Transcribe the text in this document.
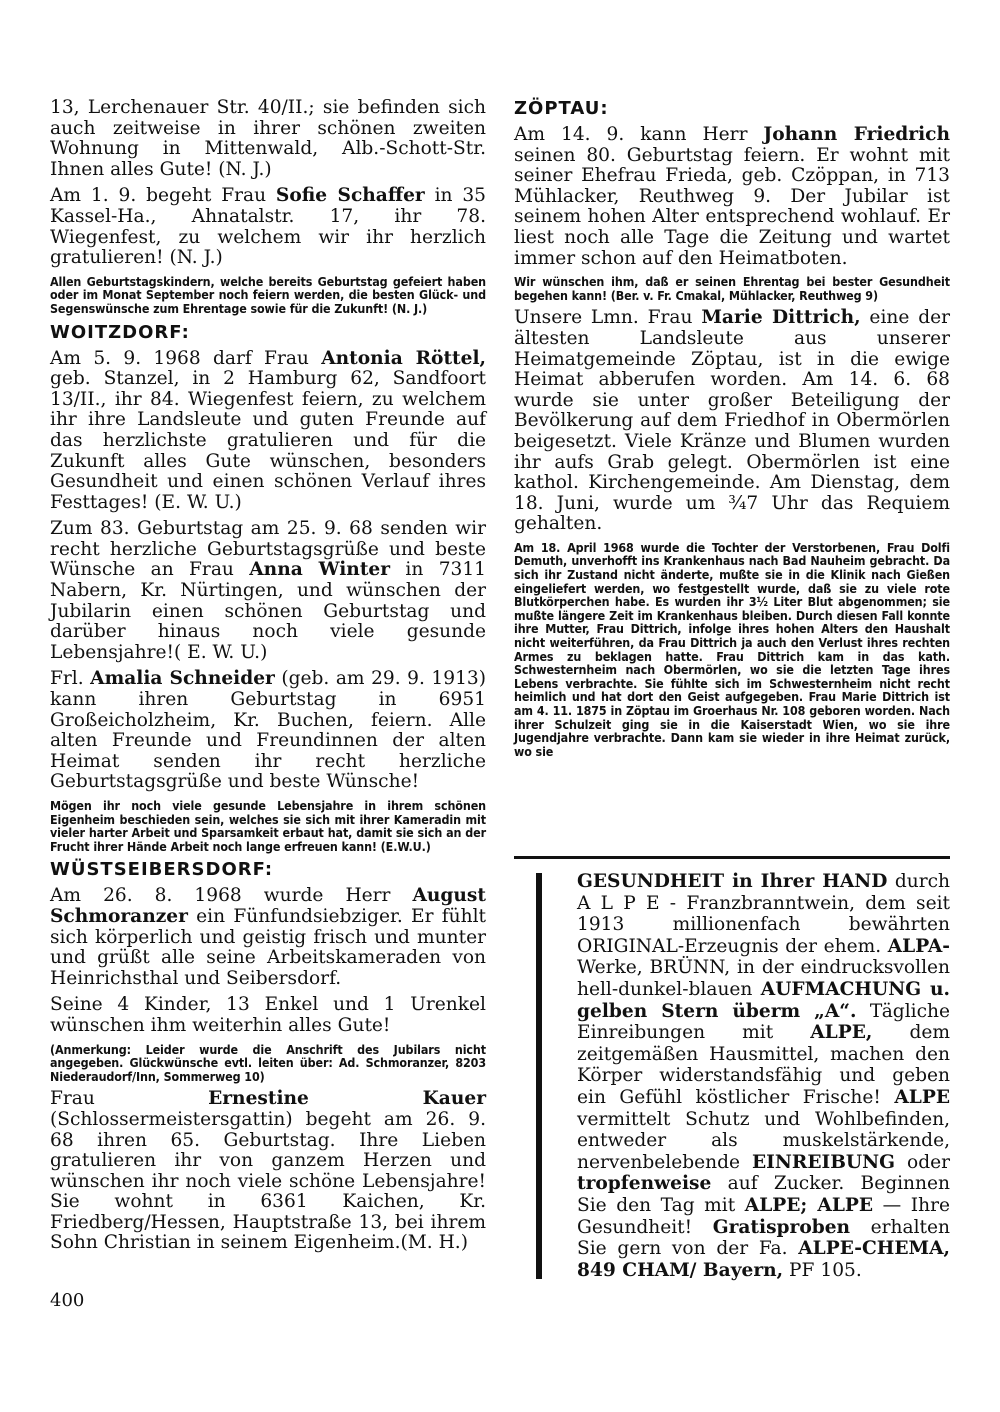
13, Lerchenauer Str. 40/II.; sie befinden sich auch zeitweise in ihrer schönen zweiten Wohnung in Mittenwald, Alb.-Schott-Str. Ihnen alles Gute! (N. J.)

Am 1. 9. begeht Frau Sofie Schaffer in 35 Kassel-Ha., Ahnatalstr. 17, ihr 78. Wiegenfest, zu welchem wir ihr herzlich gratulieren! (N. J.)

Allen Geburtstagskindern, welche bereits Geburtstag gefeiert haben oder im Monat September noch feiern werden, die besten Glück- und Segenswünsche zum Ehrentage sowie für die Zukunft! (N. J.)

WOITZDORF:

Am 5. 9. 1968 darf Frau Antonia Röttel, geb. Stanzel, in 2 Hamburg 62, Sandfoort 13/II., ihr 84. Wiegenfest feiern, zu welchem ihr ihre Landsleute und guten Freunde auf das herzlichste gratulieren und für die Zukunft alles Gute wünschen, besonders Gesundheit und einen schönen Verlauf ihres Festtages! (E. W. U.)

Zum 83. Geburtstag am 25. 9. 68 senden wir recht herzliche Geburtstagsgrüße und beste Wünsche an Frau Anna Winter in 7311 Nabern, Kr. Nürtingen, und wünschen der Jubilarin einen schönen Geburtstag und darüber hinaus noch viele gesunde Lebensjahre!( E. W. U.)

Frl. Amalia Schneider (geb. am 29. 9. 1913) kann ihren Geburtstag in 6951 Großeicholzheim, Kr. Buchen, feiern. Alle alten Freunde und Freundinnen der alten Heimat senden ihr recht herzliche Geburtstagsgrüße und beste Wünsche!

Mögen ihr noch viele gesunde Lebensjahre in ihrem schönen Eigenheim beschieden sein, welches sie sich mit ihrer Kameradin mit vieler harter Arbeit und Sparsamkeit erbaut hat, damit sie sich an der Frucht ihrer Hände Arbeit noch lange erfreuen kann! (E.W.U.)

WÜSTSEIBERSDORF:

Am 26. 8. 1968 wurde Herr August Schmoranzer ein Fünfundsiebziger. Er fühlt sich körperlich und geistig frisch und munter und grüßt alle seine Arbeitskameraden von Heinrichsthal und Seibersdorf.

Seine 4 Kinder, 13 Enkel und 1 Urenkel wünschen ihm weiterhin alles Gute!

(Anmerkung: Leider wurde die Anschrift des Jubilars nicht angegeben. Glückwünsche evtl. leiten über: Ad. Schmoranzer, 8203 Niederaudorf/Inn, Sommerweg 10)

Frau Ernestine Kauer (Schlossermeistersgattin) begeht am 26. 9. 68 ihren 65. Geburtstag. Ihre Lieben gratulieren ihr von ganzem Herzen und wünschen ihr noch viele schöne Lebensjahre! Sie wohnt in 6361 Kaichen, Kr. Friedberg/Hessen, Hauptstraße 13, bei ihrem Sohn Christian in seinem Eigenheim.(M. H.)

ZÖPTAU:

Am 14. 9. kann Herr Johann Friedrich seinen 80. Geburtstag feiern. Er wohnt mit seiner Ehefrau Frieda, geb. Czöppan, in 713 Mühlacker, Reuthweg 9. Der Jubilar ist seinem hohen Alter entsprechend wohlauf. Er liest noch alle Tage die Zeitung und wartet immer schon auf den Heimatboten.

Wir wünschen ihm, daß er seinen Ehrentag bei bester Gesundheit begehen kann! (Ber. v. Fr. Cmakal, Mühlacker, Reuthweg 9)

Unsere Lmn. Frau Marie Dittrich, eine der ältesten Landsleute aus unserer Heimatgemeinde Zöptau, ist in die ewige Heimat abberufen worden. Am 14. 6. 68 wurde sie unter großer Beteiligung der Bevölkerung auf dem Friedhof in Obermörlen beigesetzt. Viele Kränze und Blumen wurden ihr aufs Grab gelegt. Obermörlen ist eine kathol. Kirchengemeinde. Am Dienstag, dem 18. Juni, wurde um ¾7 Uhr das Requiem gehalten.

Am 18. April 1968 wurde die Tochter der Verstorbenen, Frau Dolfi Demuth, unverhofft ins Krankenhaus nach Bad Nauheim gebracht. Da sich ihr Zustand nicht änderte, mußte sie in die Klinik nach Gießen eingeliefert werden, wo festgestellt wurde, daß sie zu viele rote Blutkörperchen habe. Es wurden ihr 3½ Liter Blut abgenommen; sie mußte längere Zeit im Krankenhaus bleiben. Durch diesen Fall konnte ihre Mutter, Frau Dittrich, infolge ihres hohen Alters den Haushalt nicht weiterführen, da Frau Dittrich ja auch den Verlust ihres rechten Armes zu beklagen hatte. Frau Dittrich kam in das kath. Schwesternheim nach Obermörlen, wo sie die letzten Tage ihres Lebens verbrachte. Sie fühlte sich im Schwesternheim nicht recht heimlich und hat dort den Geist aufgegeben. Frau Marie Dittrich ist am 4. 11. 1875 in Zöptau im Groerhaus Nr. 108 geboren worden. Nach ihrer Schulzeit ging sie in die Kaiserstadt Wien, wo sie ihre Jugendjahre verbrachte. Dann kam sie wieder in ihre Heimat zurück, wo sie

GESUNDHEIT in Ihrer HAND durch A L P E - Franzbranntwein, dem seit 1913 millionenfach bewährten ORIGINAL-Erzeugnis der ehem. ALPA-Werke, BRÜNN, in der eindrucksvollen hell-dunkel-blauen AUFMACHUNG u. gelben Stern überm „A“. Tägliche Einreibungen mit ALPE, dem zeitgemäßen Hausmittel, machen den Körper widerstandsfähig und geben ein Gefühl köstlicher Frische! ALPE vermittelt Schutz und Wohlbefinden, entweder als muskelstärkende, nervenbelebende EINREIBUNG oder tropfenweise auf Zucker. Beginnen Sie den Tag mit ALPE; ALPE — Ihre Gesundheit! Gratisproben erhalten Sie gern von der Fa. ALPE-CHEMA, 849 CHAM/ Bayern, PF 105.

400
